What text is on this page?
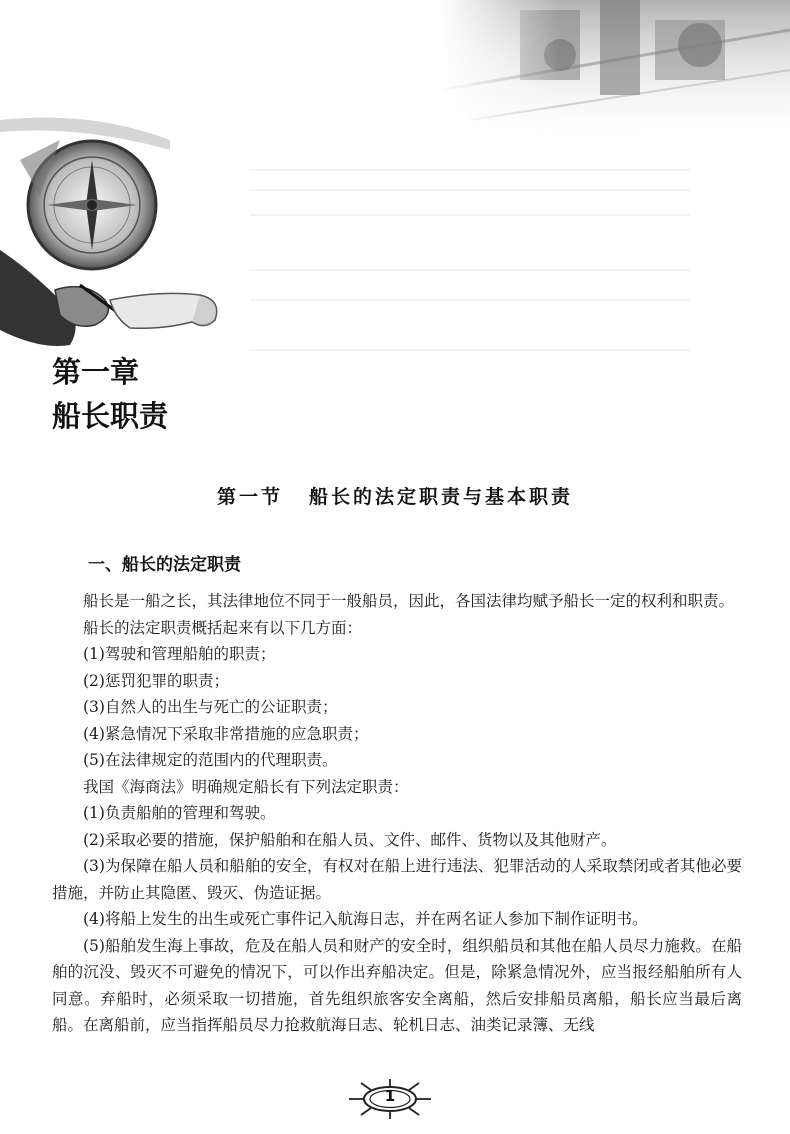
第一章
船长职责
第一节 船长的法定职责与基本职责
一、船长的法定职责

船长是一船之长，其法律地位不同于一般船员，因此，各国法律均赋予船长一定的权利和职责。

船长的法定职责概括起来有以下几方面：

(1)驾驶和管理船舶的职责；

(2)惩罚犯罪的职责；

(3)自然人的出生与死亡的公证职责；

(4)紧急情况下采取非常措施的应急职责；

(5)在法律规定的范围内的代理职责。

我国《海商法》明确规定船长有下列法定职责：

(1)负责船舶的管理和驾驶。

(2)采取必要的措施，保护船舶和在船人员、文件、邮件、货物以及其他财产。

(3)为保障在船人员和船舶的安全，有权对在船上进行违法、犯罪活动的人采取禁闭或者其他必要措施，并防止其隐匿、毁灭、伪造证据。

(4)将船上发生的出生或死亡事件记入航海日志，并在两名证人参加下制作证明书。

(5)船舶发生海上事故，危及在船人员和财产的安全时，组织船员和其他在船人员尽力施救。在船舶的沉没、毁灭不可避免的情况下，可以作出弃船决定。但是，除紧急情况外，应当报经船舶所有人同意。弃船时，必须采取一切措施，首先组织旅客安全离船，然后安排船员离船，船长应当最后离船。在离船前，应当指挥船员尽力抢救航海日志、轮机日志、油类记录簿、无线

1
